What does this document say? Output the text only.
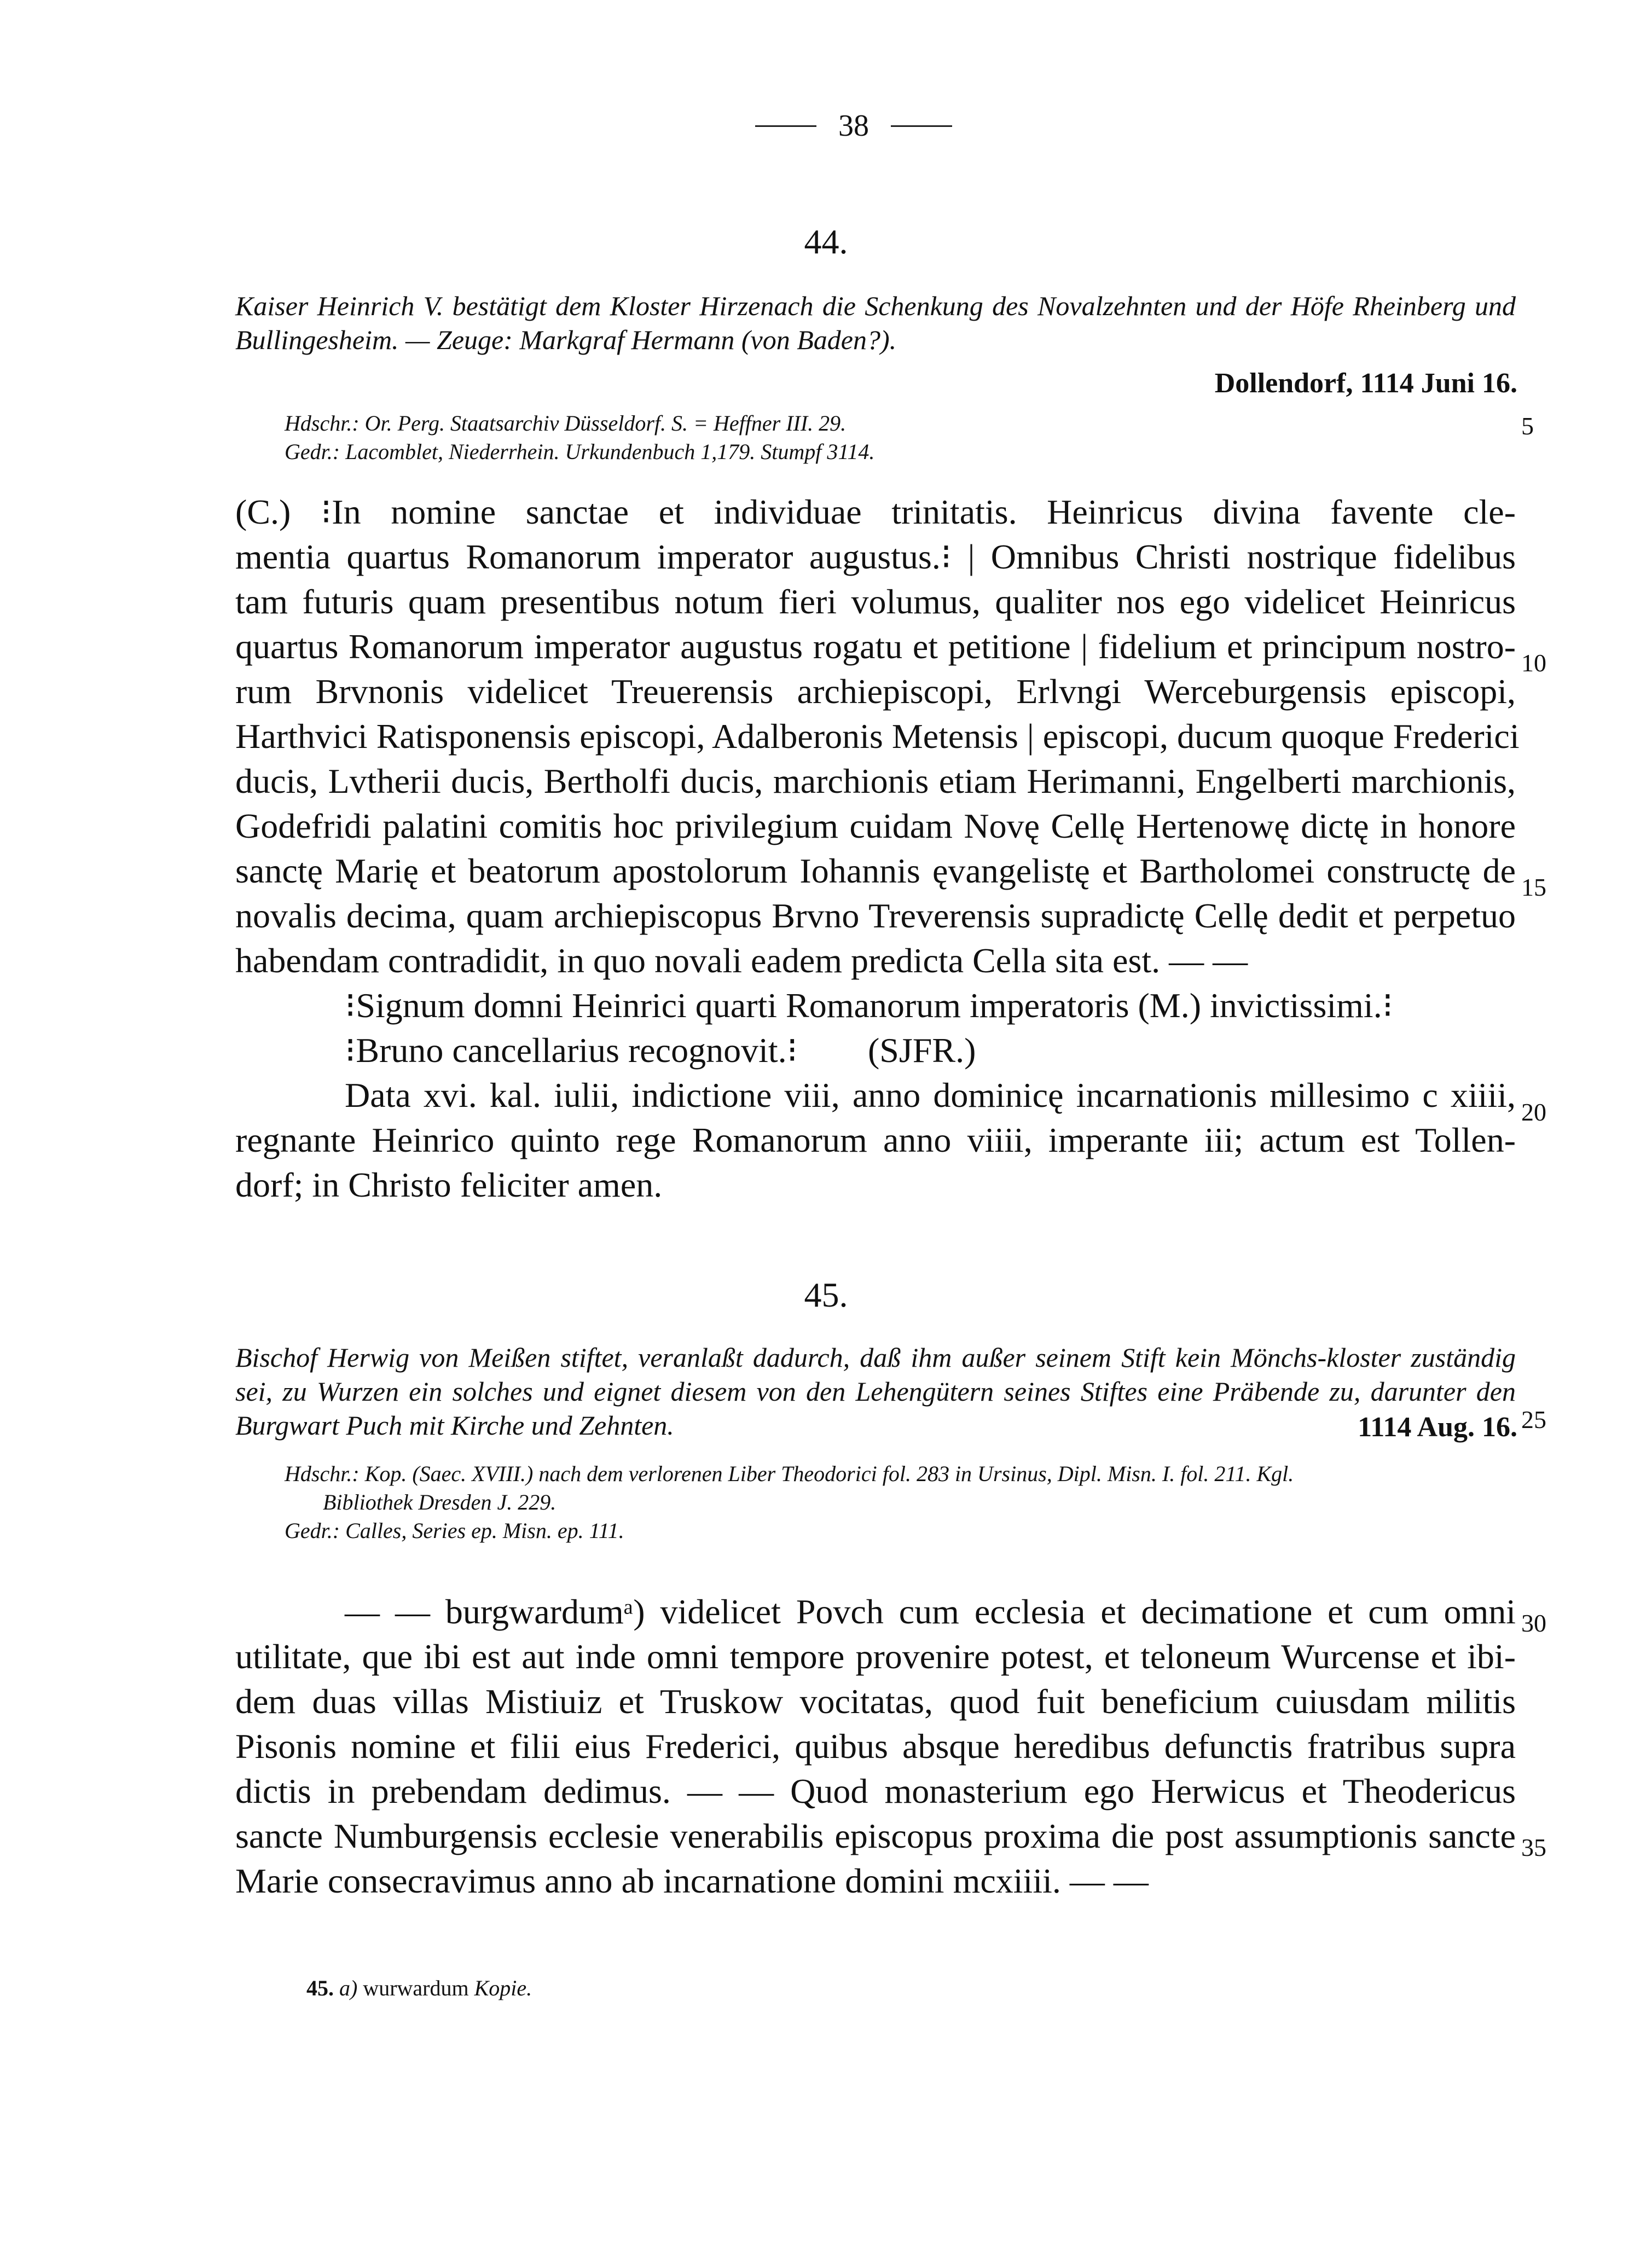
38
44.
Kaiser Heinrich V. bestätigt dem Kloster Hirzenach die Schenkung des Novalzehnten und der Höfe Rheinberg und Bullingesheim. — Zeuge: Markgraf Hermann (von Baden?).
Dollendorf, 1114 Juni 16.
Hdschr.: Or. Perg. Staatsarchiv Düsseldorf. S. = Heffner III. 29.
Gedr.: Lacomblet, Niederrhein. Urkundenbuch 1,179. Stumpf 3114.
(C.) ⁝In nomine sanctae et individuae trinitatis. Heinricus divina favente cle-
mentia quartus Romanorum imperator augustus.⁝ | Omnibus Christi nostrique fidelibus
tam futuris quam presentibus notum fieri volumus, qualiter nos ego videlicet Heinricus
quartus Romanorum imperator augustus rogatu et petitione | fidelium et principum nostro-
rum Brvnonis videlicet Treuerensis archiepiscopi, Erlvngi Werceburgensis episcopi,
Harthvici Ratisponensis episcopi, Adalberonis Metensis | episcopi, ducum quoque Frederici
ducis, Lvtherii ducis, Bertholfi ducis, marchionis etiam Herimanni, Engelberti marchionis,
Godefridi palatini comitis hoc privilegium cuidam Novę Cellę Hertenowę dictę in honore
sanctę Marię et beatorum apostolorum Iohannis ęvangelistę et Bartholomei constructę de
novalis decima, quam archiepiscopus Brvno Treverensis supradictę Cellę dedit et perpetuo
habendam contradidit, in quo novali eadem predicta Cella sita est. — —
⁝Signum domni Heinrici quarti Romanorum imperatoris (M.) invictissimi.⁝
⁝Bruno cancellarius recognovit.⁝        (SJFR.)
Data xvi. kal. iulii, indictione viii, anno dominicę incarnationis millesimo c xiiii,
regnante Heinrico quinto rege Romanorum anno viiii, imperante iii; actum est Tollen-
dorf; in Christo feliciter amen.
45.
Bischof Herwig von Meißen stiftet, veranlaßt dadurch, daß ihm außer seinem Stift kein Mönchs-kloster zuständig sei, zu Wurzen ein solches und eignet diesem von den Lehengütern seines Stiftes eine Präbende zu, darunter den Burgwart Puch mit Kirche und Zehnten.	1114 Aug. 16.
Hdschr.: Kop. (Saec. XVIII.) nach dem verlorenen Liber Theodorici fol. 283 in Ursinus, Dipl. Misn. I. fol. 211. Kgl.
Bibliothek Dresden J. 229.
Gedr.: Calles, Series ep. Misn. ep. 111.
— — burgwardumᵃ) videlicet Povch cum ecclesia et decimatione et cum omni
utilitate, que ibi est aut inde omni tempore provenire potest, et teloneum Wurcense et ibi-
dem duas villas Mistiuiz et Truskow vocitatas, quod fuit beneficium cuiusdam militis
Pisonis nomine et filii eius Frederici, quibus absque heredibus defunctis fratribus supra
dictis in prebendam dedimus. — — Quod monasterium ego Herwicus et Theodericus
sancte Numburgensis ecclesie venerabilis episcopus proxima die post assumptionis sancte
Marie consecravimus anno ab incarnatione domini mcxiiii. — —
5
10
15
20
25
30
35
45. a) wurwardum Kopie.
